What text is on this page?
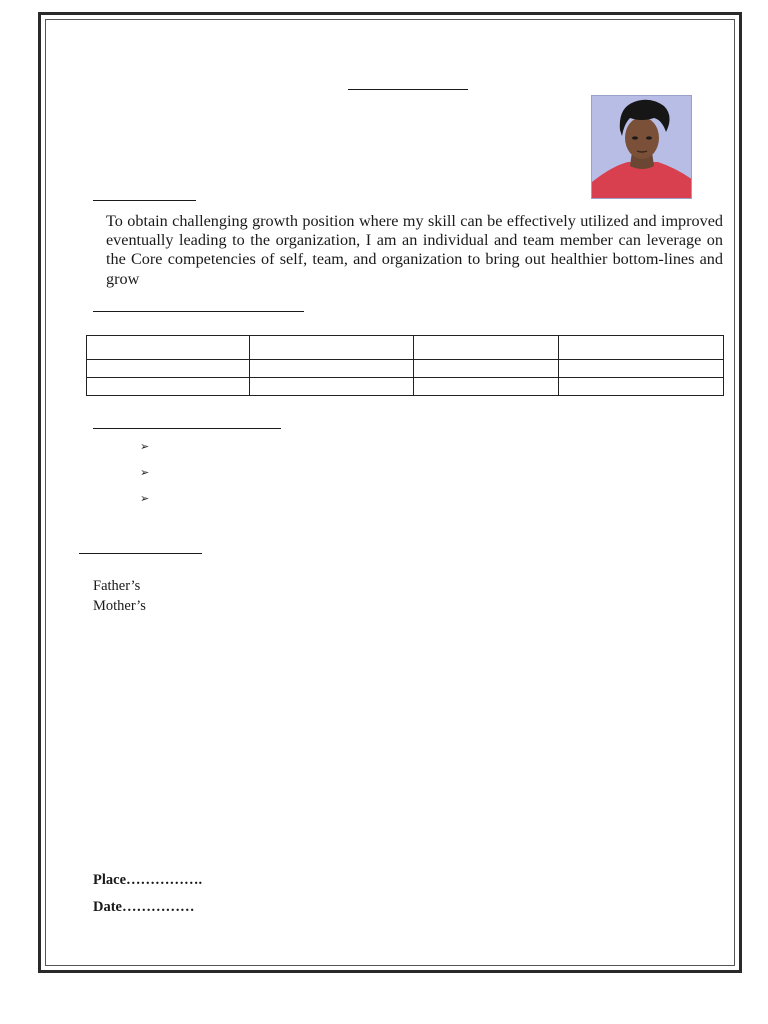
To obtain challenging growth position where my skill can be effectively utilized and improved eventually leading to the organization, I am an individual and team member can leverage on the Core competencies of self, team, and organization to bring out healthier bottom-lines and grow

➢
➢
➢
Father’s
Mother’s
Place…………….
Date……………
